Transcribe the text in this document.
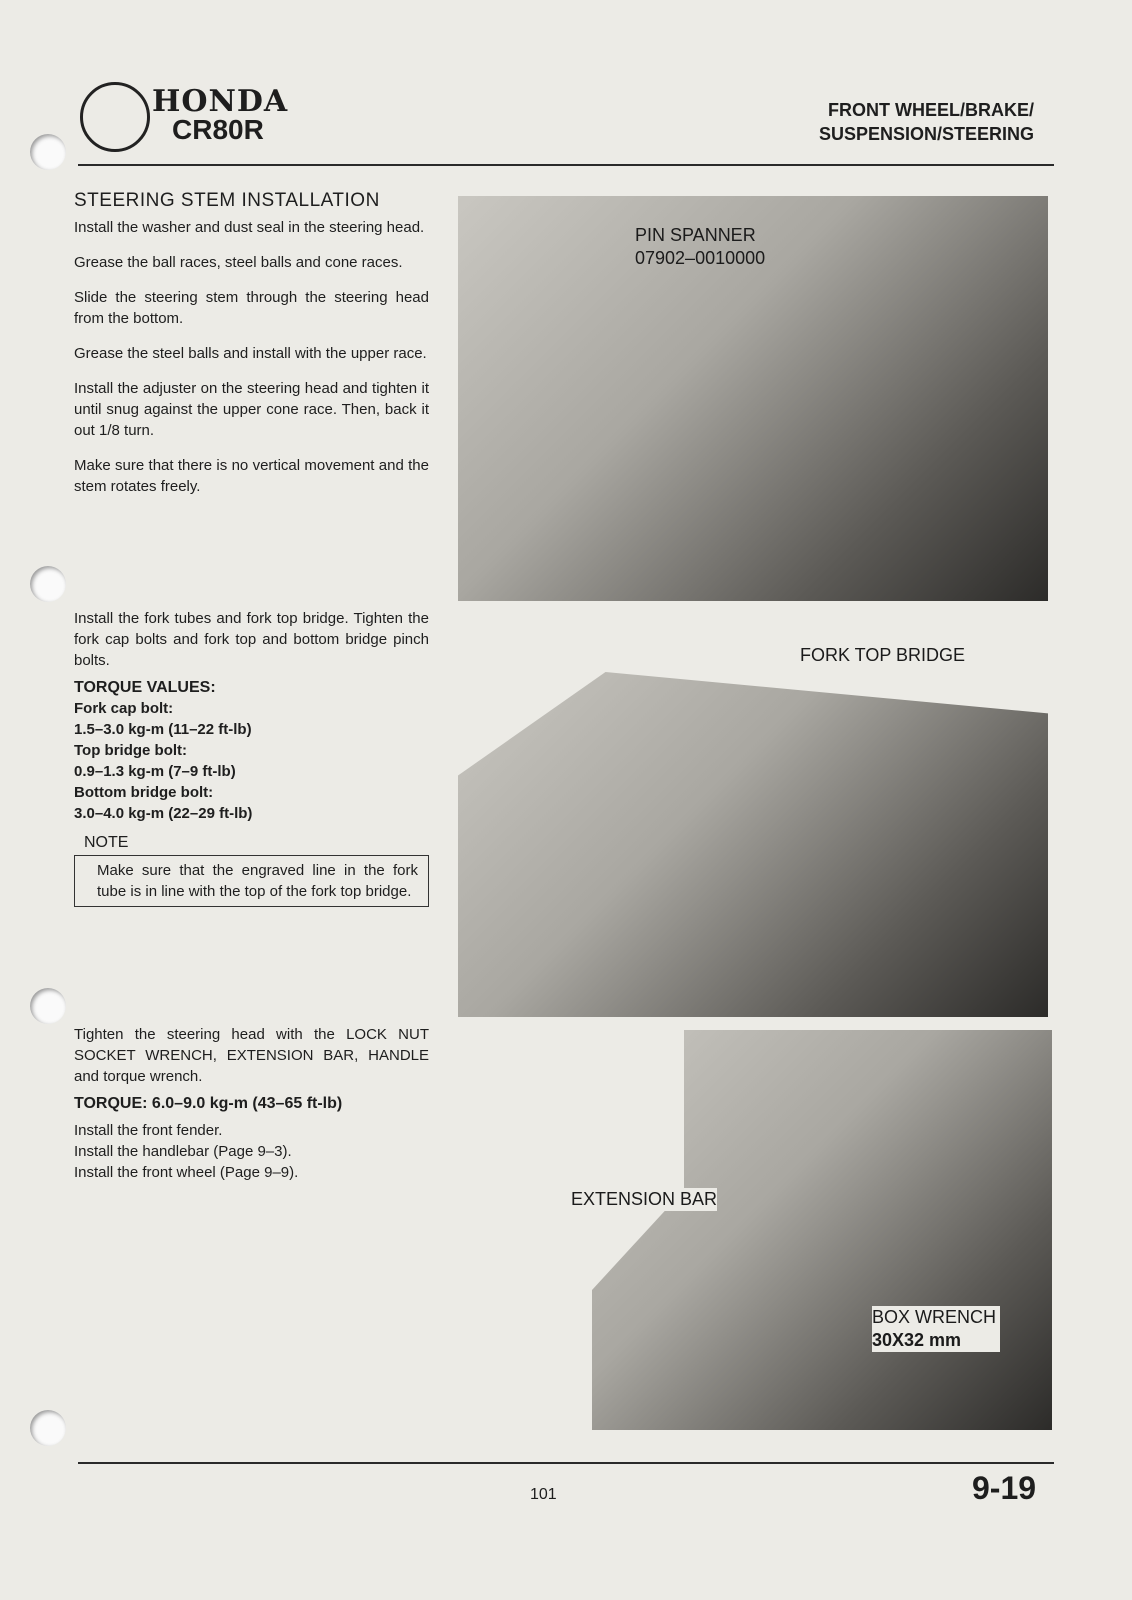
HONDA
CR80R
FRONT WHEEL/BRAKE/
SUSPENSION/STEERING
STEERING STEM INSTALLATION

Install the washer and dust seal in the steering head.

Grease the ball races, steel balls and cone races.

Slide the steering stem through the steering head from the bottom.

Grease the steel balls and install with the upper race.

Install the adjuster on the steering head and tighten it until snug against the upper cone race. Then, back it out 1/8 turn.

Make sure that there is no vertical movement and the stem rotates freely.

Install the fork tubes and fork top bridge. Tighten the fork cap bolts and fork top and bottom bridge pinch bolts.

TORQUE VALUES:
Fork cap bolt:
1.5–3.0 kg-m (11–22 ft-lb)
Top bridge bolt:
0.9–1.3 kg-m (7–9 ft-lb)
Bottom bridge bolt:
3.0–4.0 kg-m (22–29 ft-lb)
NOTE
Make sure that the engraved line in the fork tube is in line with the top of the fork top bridge.

Tighten the steering head with the LOCK NUT SOCKET WRENCH, EXTENSION BAR, HANDLE and torque wrench.

TORQUE: 6.0–9.0 kg-m (43–65 ft-lb)
Install the front fender.
Install the handlebar (Page 9–3).
Install the front wheel (Page 9–9).
PIN SPANNER
07902–0010000
FORK TOP BRIDGE
EXTENSION BAR
BOX WRENCH
30X32 mm
101	9-19
